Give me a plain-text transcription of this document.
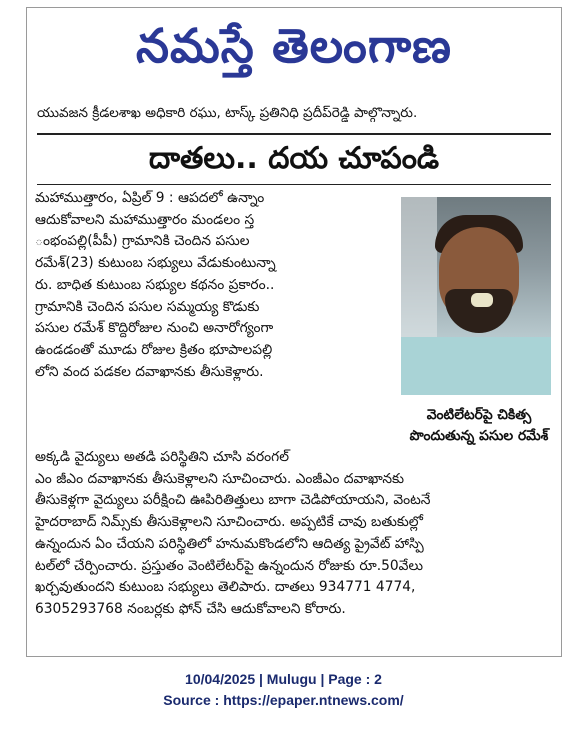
నమస్తే తెలంగాణ
యువజన క్రీడలశాఖ అధికారి రఘు, టాస్క్ ప్రతినిధి ప్రదీప్‌రెడ్డి పాల్గొన్నారు.
దాతలు.. దయ చూపండి
మహాముత్తారం, ఏప్రిల్ 9 : ఆపదలో ఉన్నాం
ఆదుకోవాలని మహాముత్తారం మండలం స్త
ంభంపల్లి(పీపీ) గ్రామానికి చెందిన పసుల
రమేశ్(23) కుటుంబ సభ్యులు వేడుకుంటున్నా
రు. బాధిత కుటుంబ సభ్యుల కథనం ప్రకారం..
గ్రామానికి చెందిన పసుల సమ్మయ్య కొడుకు
పసుల రమేశ్ కొద్దిరోజుల నుంచి అనారోగ్యంగా
ఉండడంతో మూడు రోజుల క్రితం భూపాలపల్లి
లోని వంద పడకల దవాఖానకు తీసుకెళ్లారు.
వెంటిలేటర్‌పై చికిత్స
పొందుతున్న పసుల రమేశ్
అక్కడి వైద్యులు అతడి పరిస్థితిని చూసి వరంగల్
ఎం జీఎం దవాఖానకు తీసుకెళ్లాలని సూచించారు. ఎంజీఎం దవాఖానకు
తీసుకెళ్లగా వైద్యులు పరీక్షించి ఊపిరితిత్తులు బాగా చెడిపోయాయని, వెంటనే
హైదరాబాద్ నిమ్స్‌కు తీసుకెళ్లాలని సూచించారు. అప్పటికే చావు బతుకుల్లో
ఉన్నందున ఏం చేయని పరిస్థితిలో హనుమకొండలోని ఆదిత్య ప్రైవేట్ హాస్పి
టల్‌లో చేర్పించారు. ప్రస్తుతం వెంటిలేటర్‌పై ఉన్నందున రోజుకు రూ.50వేలు
ఖర్చవుతుందని కుటుంబ సభ్యులు తెలిపారు. దాతలు 934771 4774,
6305293768 నంబర్లకు ఫోన్ చేసి ఆదుకోవాలని కోరారు.
10/04/2025 | Mulugu | Page : 2
Source : https://epaper.ntnews.com/
